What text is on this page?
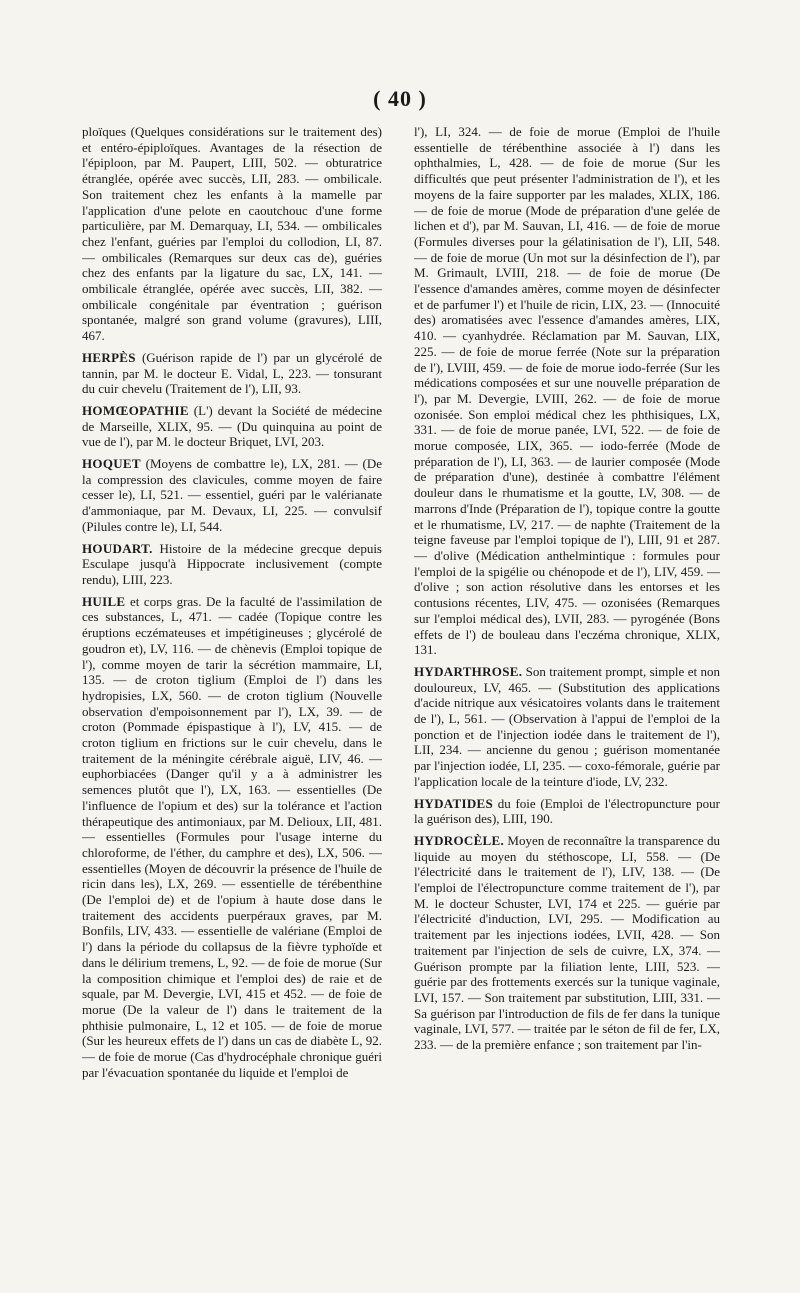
( 40 )

ploïques (Quelques considérations sur le traitement des) et entéro-épiploïques. Avantages de la résection de l'épiploon, par M. Paupert, LIII, 502. — obturatrice étranglée, opérée avec succès, LII, 283. — ombilicale. Son traitement chez les enfants à la mamelle par l'application d'une pelote en caoutchouc d'une forme particulière, par M. Demarquay, LI, 534. — ombilicales chez l'enfant, guéries par l'emploi du collodion, LI, 87. — ombilicales (Remarques sur deux cas de), guéries chez des enfants par la ligature du sac, LX, 141. — ombilicale étranglée, opérée avec succès, LII, 382. — ombilicale congénitale par éventration ; guérison spontanée, malgré son grand volume (gravures), LIII, 467.

HERPÈS (Guérison rapide de l') par un glycérolé de tannin, par M. le docteur E. Vidal, L, 223. — tonsurant du cuir chevelu (Traitement de l'), LII, 93.

HOMŒOPATHIE (L') devant la Société de médecine de Marseille, XLIX, 95. — (Du quinquina au point de vue de l'), par M. le docteur Briquet, LVI, 203.

HOQUET (Moyens de combattre le), LX, 281. — (De la compression des clavicules, comme moyen de faire cesser le), LI, 521. — essentiel, guéri par le valérianate d'ammoniaque, par M. Devaux, LI, 225. — convulsif (Pilules contre le), LI, 544.

HOUDART. Histoire de la médecine grecque depuis Esculape jusqu'à Hippocrate inclusivement (compte rendu), LIII, 223.

HUILE et corps gras. De la faculté de l'assimilation de ces substances, L, 471. — cadée (Topique contre les éruptions eczémateuses et impétigineuses ; glycérolé de goudron et), LV, 116. — de chènevis (Emploi topique de l'), comme moyen de tarir la sécrétion mammaire, LI, 135. — de croton tiglium (Emploi de l') dans les hydropisies, LX, 560. — de croton tiglium (Nouvelle observation d'empoisonnement par l'), LX, 39. — de croton (Pommade épispastique à l'), LV, 415. — de croton tiglium en frictions sur le cuir chevelu, dans le traitement de la méningite cérébrale aiguë, LIV, 46. — euphorbiacées (Danger qu'il y a à administrer les semences plutôt que l'), LX, 163. — essentielles (De l'influence de l'opium et des) sur la tolérance et l'action thérapeutique des antimoniaux, par M. Delioux, LII, 481. — essentielles (Formules pour l'usage interne du chloroforme, de l'éther, du camphre et des), LX, 506. — essentielles (Moyen de découvrir la présence de l'huile de ricin dans les), LX, 269. — essentielle de térébenthine (De l'emploi de) et de l'opium à haute dose dans le traitement des accidents puerpéraux graves, par M. Bonfils, LIV, 433. — essentielle de valériane (Emploi de l') dans la période du collapsus de la fièvre typhoïde et dans le délirium tremens, L, 92. — de foie de morue (Sur la composition chimique et l'emploi des) de raie et de squale, par M. Devergie, LVI, 415 et 452. — de foie de morue (De la valeur de l') dans le traitement de la phthisie pulmonaire, L, 12 et 105. — de foie de morue (Sur les heureux effets de l') dans un cas de diabète L, 92. — de foie de morue (Cas d'hydrocéphale chronique guéri par l'évacuation spontanée du liquide et l'emploi de

l'), LI, 324. — de foie de morue (Emploi de l'huile essentielle de térébenthine associée à l') dans les ophthalmies, L, 428. — de foie de morue (Sur les difficultés que peut présenter l'administration de l'), et les moyens de la faire supporter par les malades, XLIX, 186. — de foie de morue (Mode de préparation d'une gelée de lichen et d'), par M. Sauvan, LI, 416. — de foie de morue (Formules diverses pour la gélatinisation de l'), LII, 548. — de foie de morue (Un mot sur la désinfection de l'), par M. Grimault, LVIII, 218. — de foie de morue (De l'essence d'amandes amères, comme moyen de désinfecter et de parfumer l') et l'huile de ricin, LIX, 23. — (Innocuité des) aromatisées avec l'essence d'amandes amères, LIX, 410. — cyanhydrée. Réclamation par M. Sauvan, LIX, 225. — de foie de morue ferrée (Note sur la préparation de l'), LVIII, 459. — de foie de morue iodo-ferrée (Sur les médications composées et sur une nouvelle préparation de l'), par M. Devergie, LVIII, 262. — de foie de morue ozonisée. Son emploi médical chez les phthisiques, LX, 331. — de foie de morue panée, LVI, 522. — de foie de morue composée, LIX, 365. — iodo-ferrée (Mode de préparation de l'), LI, 363. — de laurier composée (Mode de préparation d'une), destinée à combattre l'élément douleur dans le rhumatisme et la goutte, LV, 308. — de marrons d'Inde (Préparation de l'), topique contre la goutte et le rhumatisme, LV, 217. — de naphte (Traitement de la teigne faveuse par l'emploi topique de l'), LIII, 91 et 287. — d'olive (Médication anthelmintique : formules pour l'emploi de la spigélie ou chénopode et de l'), LIV, 459. — d'olive ; son action résolutive dans les entorses et les contusions récentes, LIV, 475. — ozonisées (Remarques sur l'emploi médical des), LVII, 283. — pyrogénée (Bons effets de l') de bouleau dans l'eczéma chronique, XLIX, 131.

HYDARTHROSE. Son traitement prompt, simple et non douloureux, LV, 465. — (Substitution des applications d'acide nitrique aux vésicatoires volants dans le traitement de l'), L, 561. — (Observation à l'appui de l'emploi de la ponction et de l'injection iodée dans le traitement de l'), LII, 234. — ancienne du genou ; guérison momentanée par l'injection iodée, LI, 235. — coxo-fémorale, guérie par l'application locale de la teinture d'iode, LV, 232.

HYDATIDES du foie (Emploi de l'électropuncture pour la guérison des), LIII, 190.

HYDROCÈLE. Moyen de reconnaître la transparence du liquide au moyen du stéthoscope, LI, 558. — (De l'électricité dans le traitement de l'), LIV, 138. — (De l'emploi de l'électropuncture comme traitement de l'), par M. le docteur Schuster, LVI, 174 et 225. — guérie par l'électricité d'induction, LVI, 295. — Modification au traitement par les injections iodées, LVII, 428. — Son traitement par l'injection de sels de cuivre, LX, 374. — Guérison prompte par la filiation lente, LIII, 523. — guérie par des frottements exercés sur la tunique vaginale, LVI, 157. — Son traitement par substitution, LIII, 331. — Sa guérison par l'introduction de fils de fer dans la tunique vaginale, LVI, 577. — traitée par le séton de fil de fer, LX, 233. — de la première enfance ; son traitement par l'in-
